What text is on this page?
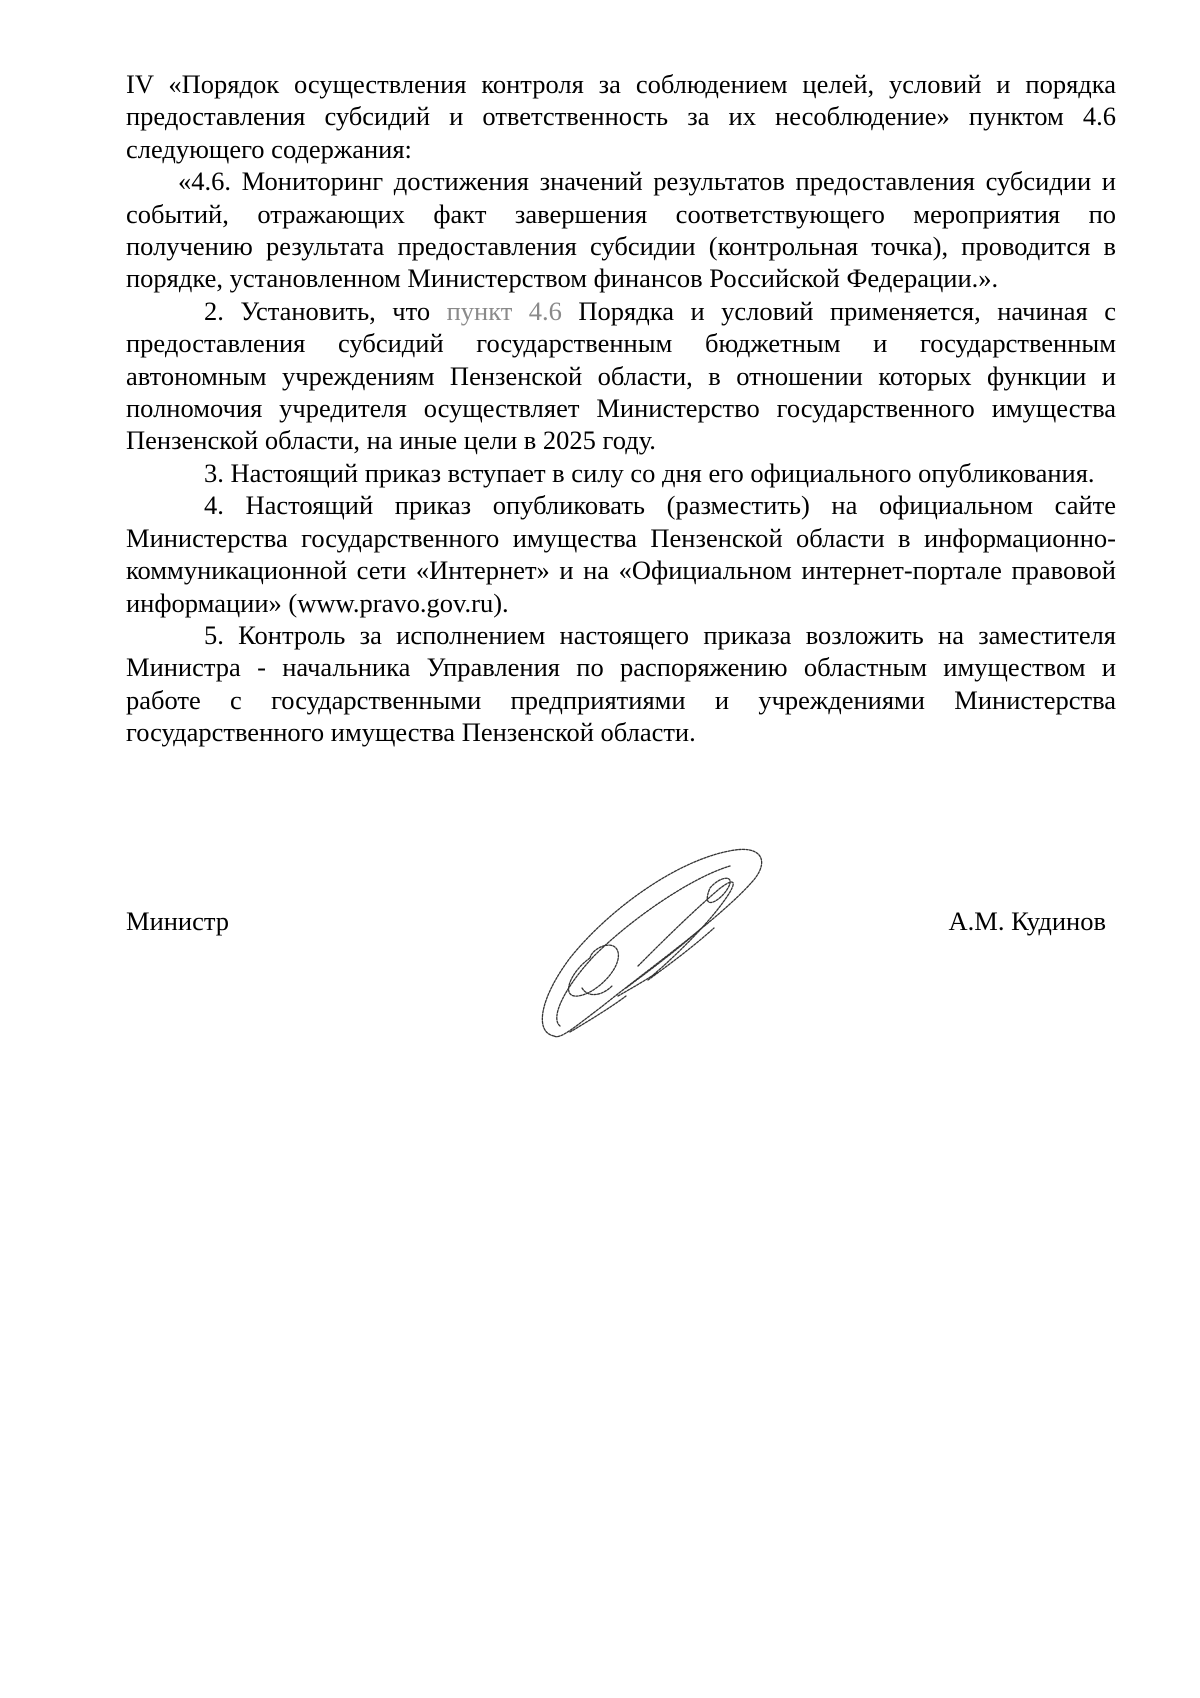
IV «Порядок осуществления контроля за соблюдением целей, условий и порядка предоставления субсидий и ответственность за их несоблюдение» пунктом 4.6 следующего содержания:

«4.6. Мониторинг достижения значений результатов предоставления субсидии и событий, отражающих факт завершения соответствующего мероприятия по получению результата предоставления субсидии (контрольная точка), проводится в порядке, установленном Министерством финансов Российской Федерации.».

2. Установить, что пункт 4.6 Порядка и условий применяется, начиная с предоставления субсидий государственным бюджетным и государственным автономным учреждениям Пензенской области, в отношении которых функции и полномочия учредителя осуществляет Министерство государственного имущества Пензенской области, на иные цели в 2025 году.

3. Настоящий приказ вступает в силу со дня его официального опубликования.

4. Настоящий приказ опубликовать (разместить) на официальном сайте Министерства государственного имущества Пензенской области в информационно-коммуникационной сети «Интернет» и на «Официальном интернет-портале правовой информации» (www.pravo.gov.ru).

5. Контроль за исполнением настоящего приказа возложить на заместителя Министра - начальника Управления по распоряжению областным имуществом и работе с государственными предприятиями и учреждениями Министерства государственного имущества Пензенской области.

Министр	А.М. Кудинов
